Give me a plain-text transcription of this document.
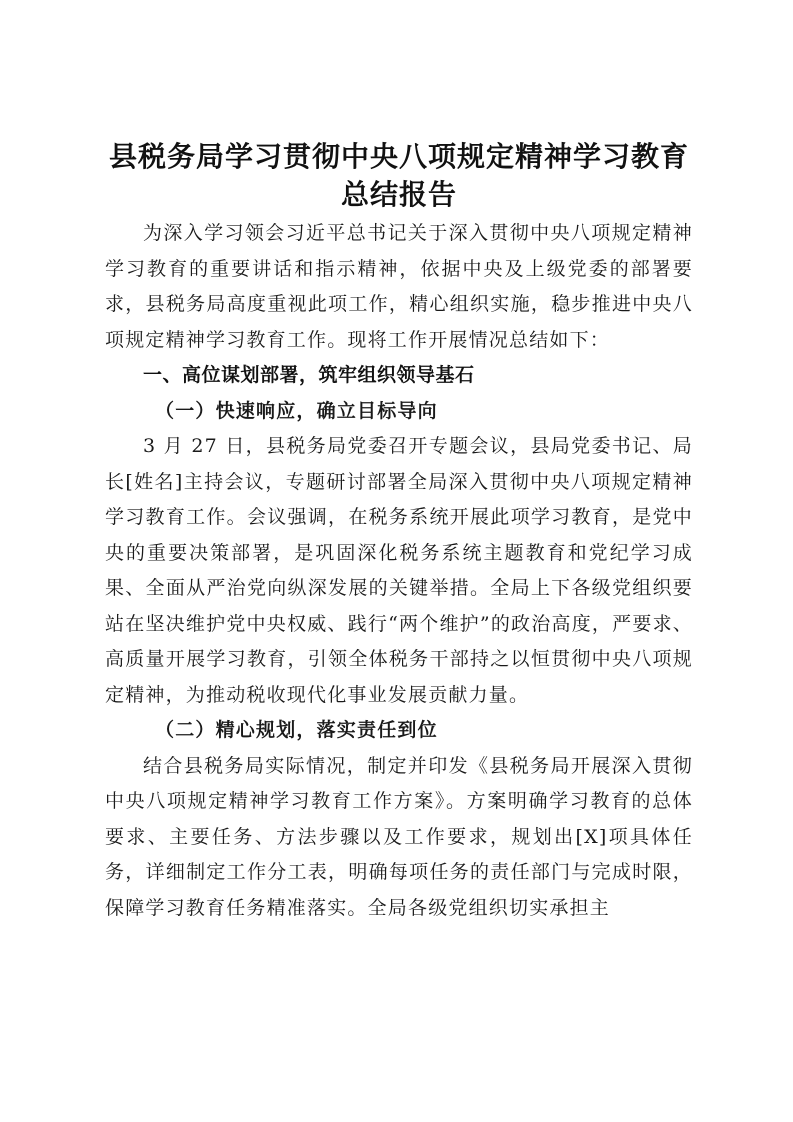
县税务局学习贯彻中央八项规定精神学习教育
总结报告

为深入学习领会习近平总书记关于深入贯彻中央八项规定精神学习教育的重要讲话和指示精神，依据中央及上级党委的部署要求，县税务局高度重视此项工作，精心组织实施，稳步推进中央八项规定精神学习教育工作。现将工作开展情况总结如下：

一、高位谋划部署，筑牢组织领导基石
（一）快速响应，确立目标导向

3 月 27 日，县税务局党委召开专题会议，县局党委书记、局长[姓名]主持会议，专题研讨部署全局深入贯彻中央八项规定精神学习教育工作。会议强调，在税务系统开展此项学习教育，是党中央的重要决策部署，是巩固深化税务系统主题教育和党纪学习成果、全面从严治党向纵深发展的关键举措。全局上下各级党组织要站在坚决维护党中央权威、践行“两个维护”的政治高度，严要求、高质量开展学习教育，引领全体税务干部持之以恒贯彻中央八项规定精神，为推动税收现代化事业发展贡献力量。

（二）精心规划，落实责任到位

结合县税务局实际情况，制定并印发《县税务局开展深入贯彻中央八项规定精神学习教育工作方案》。方案明确学习教育的总体要求、主要任务、方法步骤以及工作要求，规划出[X]项具体任务，详细制定工作分工表，明确每项任务的责任部门与完成时限，保障学习教育任务精准落实。全局各级党组织切实承担主
